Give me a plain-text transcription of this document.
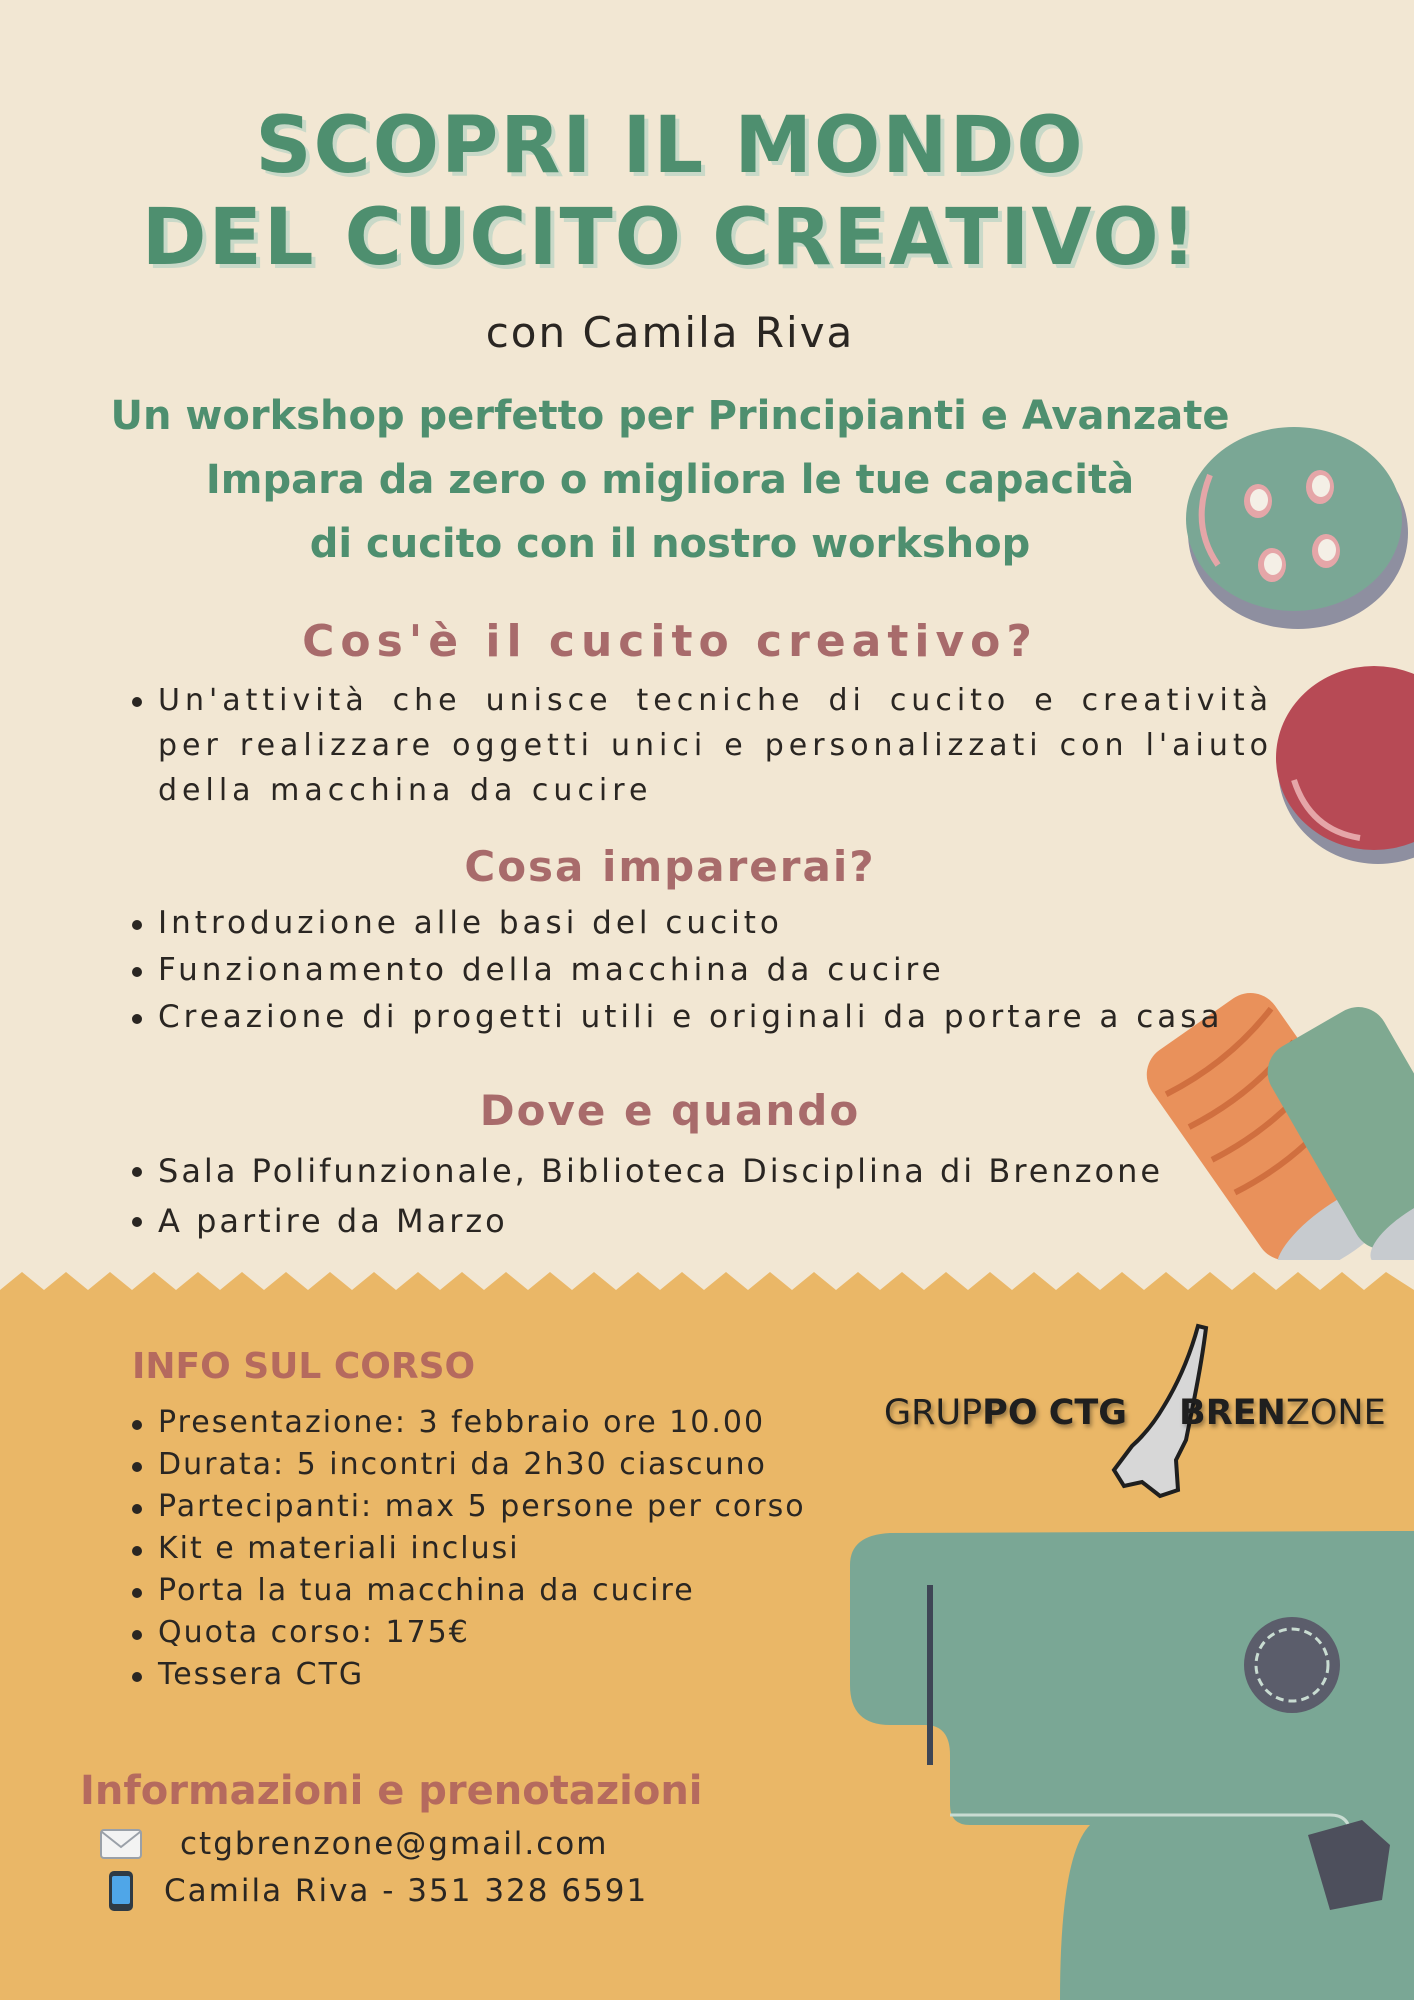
SCOPRI IL MONDO
DEL CUCITO CREATIVO!
con Camila Riva
Un workshop perfetto per Principianti e Avanzate
Impara da zero o migliora le tue capacità
di cucito con il nostro workshop
Cos'è il cucito creativo?
Un'attività che unisce tecniche di cucito e creatività per realizzare oggetti unici e personalizzati con l'aiuto della macchina da cucire
Cosa imparerai?
Introduzione alle basi del cucito
Funzionamento della macchina da cucire
Creazione di progetti utili e originali da portare a casa
Dove e quando
Sala Polifunzionale, Biblioteca Disciplina di Brenzone
A partire da Marzo
INFO SUL CORSO
Presentazione: 3 febbraio ore 10.00
Durata: 5 incontri da 2h30 ciascuno
Partecipanti: max 5 persone per corso
Kit e materiali inclusi
Porta la tua macchina da cucire
Quota corso: 175€
Tessera CTG
GRUPPO CTG BRENZONE
Informazioni e prenotazioni
ctgbrenzone@gmail.com
Camila Riva - 351 328 6591
